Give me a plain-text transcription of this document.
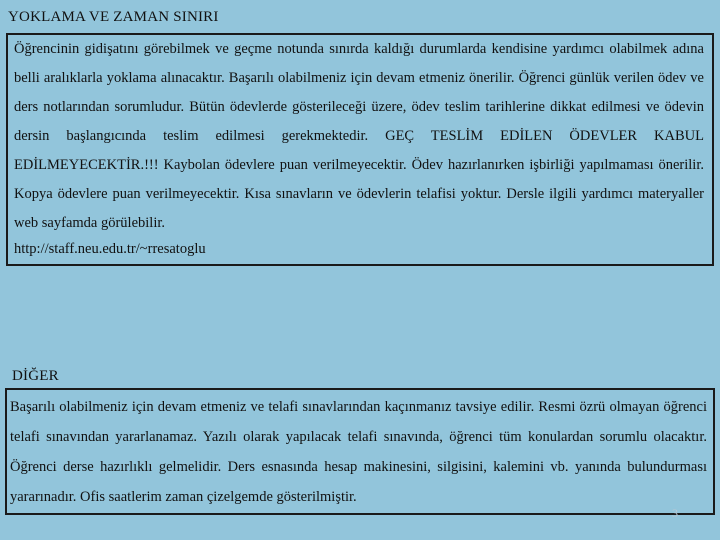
YOKLAMA VE ZAMAN SINIRI

Öğrencinin gidişatını görebilmek ve geçme notunda sınırda kaldığı durumlarda kendisine yardımcı olabilmek adına belli aralıklarla yoklama alınacaktır. Başarılı olabilmeniz için devam etmeniz önerilir. Öğrenci günlük verilen ödev ve ders notlarından sorumludur. Bütün ödevlerde gösterileceği üzere, ödev teslim tarihlerine dikkat edilmesi ve ödevin dersin başlangıcında teslim edilmesi gerekmektedir. GEÇ TESLİM EDİLEN ÖDEVLER KABUL EDİLMEYECEKTİR.!!! Kaybolan ödevlere puan verilmeyecektir. Ödev hazırlanırken işbirliği yapılmaması önerilir. Kopya ödevlere puan verilmeyecektir. Kısa sınavların ve ödevlerin telafisi yoktur. Dersle ilgili yardımcı materyaller web sayfamda görülebilir.
http://staff.neu.edu.tr/~rresatoglu

DİĞER

Başarılı olabilmeniz için devam etmeniz ve telafi sınavlarından kaçınmanız tavsiye edilir. Resmi özrü olmayan öğrenci telafi sınavından yararlanamaz. Yazılı olarak yapılacak telafi sınavında, öğrenci tüm konulardan sorumlu olacaktır. Öğrenci derse hazırlıklı gelmelidir. Ders esnasında hesap makinesini, silgisini, kalemini vb. yanında bulundurması yararınadır. Ofis saatlerim zaman çizelgemde gösterilmiştir.

3
